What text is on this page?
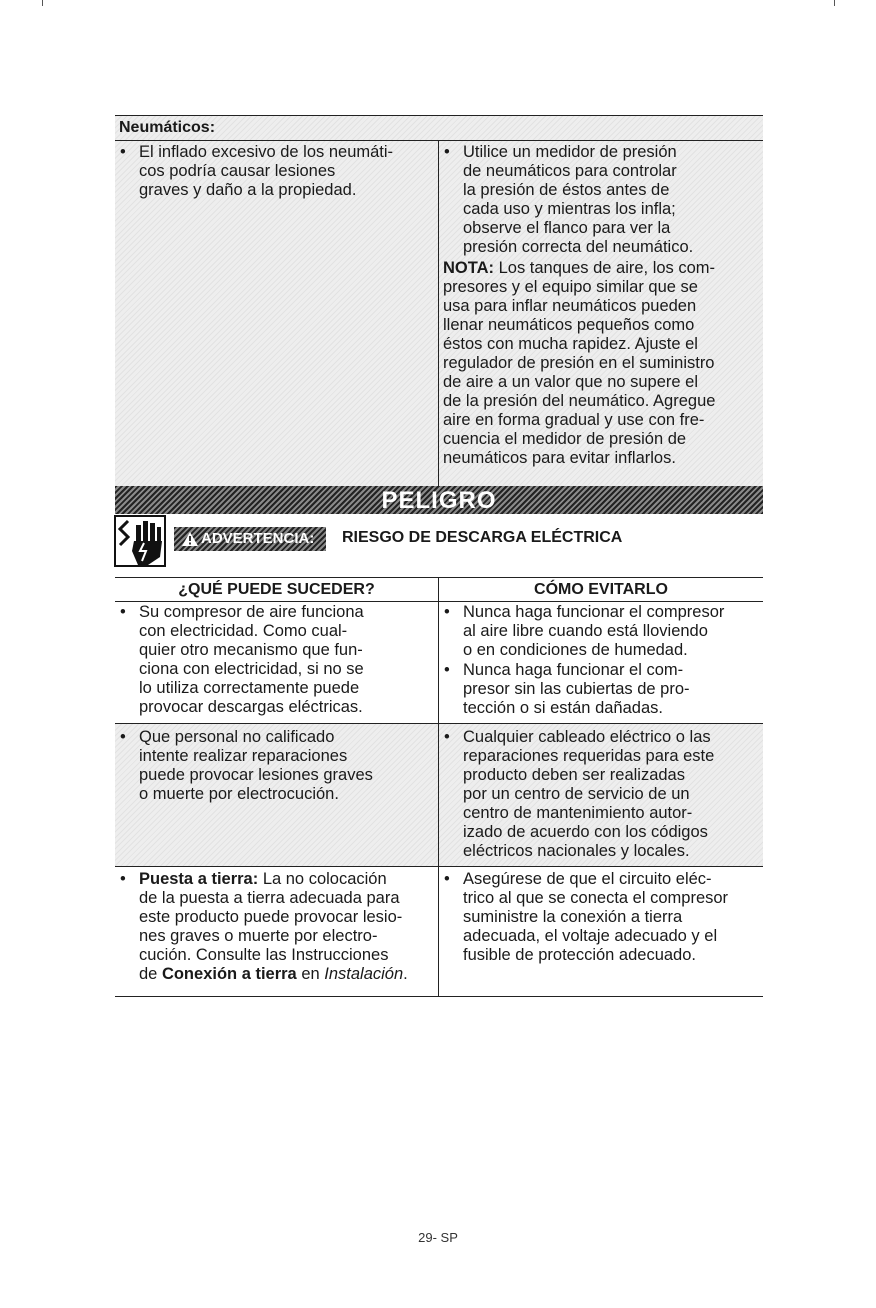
Neumáticos:

• El inflado excesivo de los neumáti-
cos podría causar lesiones
graves y daño a la propiedad.

• Utilice un medidor de presión
de neumáticos para controlar
la presión de éstos antes de
cada uso y mientras los infla;
observe el flanco para ver la
presión correcta del neumático.

NOTA: Los tanques de aire, los com-
presores y el equipo similar que se
usa para inflar neumáticos pueden
llenar neumáticos pequeños como
éstos con mucha rapidez. Ajuste el
regulador de presión en el suministro
de aire a un valor que no supere el
de la presión del neumático. Agregue
aire en forma gradual y use con fre-
cuencia el medidor de presión de
neumáticos para evitar inflarlos.

PELIGRO
ADVERTENCIA: RIESGO DE DESCARGA ELÉCTRICA
¿QUÉ PUEDE SUCEDER?	CÓMO EVITARLO

• Su compresor de aire funciona
con electricidad. Como cual-
quier otro mecanismo que fun-
ciona con electricidad, si no se
lo utiliza correctamente puede
provocar descargas eléctricas.

• Nunca haga funcionar el compresor
al aire libre cuando está lloviendo
o en condiciones de humedad.

• Nunca haga funcionar el com-
presor sin las cubiertas de pro-
tección o si están dañadas.

• Que personal no calificado
intente realizar reparaciones
puede provocar lesiones graves
o muerte por electrocución.

• Cualquier cableado eléctrico o las
reparaciones requeridas para este
producto deben ser realizadas
por un centro de servicio de un
centro de mantenimiento autor-
izado de acuerdo con los códigos
eléctricos nacionales y locales.

• Puesta a tierra: La no colocación
de la puesta a tierra adecuada para
este producto puede provocar lesio-
nes graves o muerte por electro-
cución. Consulte las Instrucciones
de Conexión a tierra en Instalación.

• Asegúrese de que el circuito eléc-
trico al que se conecta el compresor
suministre la conexión a tierra
adecuada, el voltaje adecuado y el
fusible de protección adecuado.

29- SP
